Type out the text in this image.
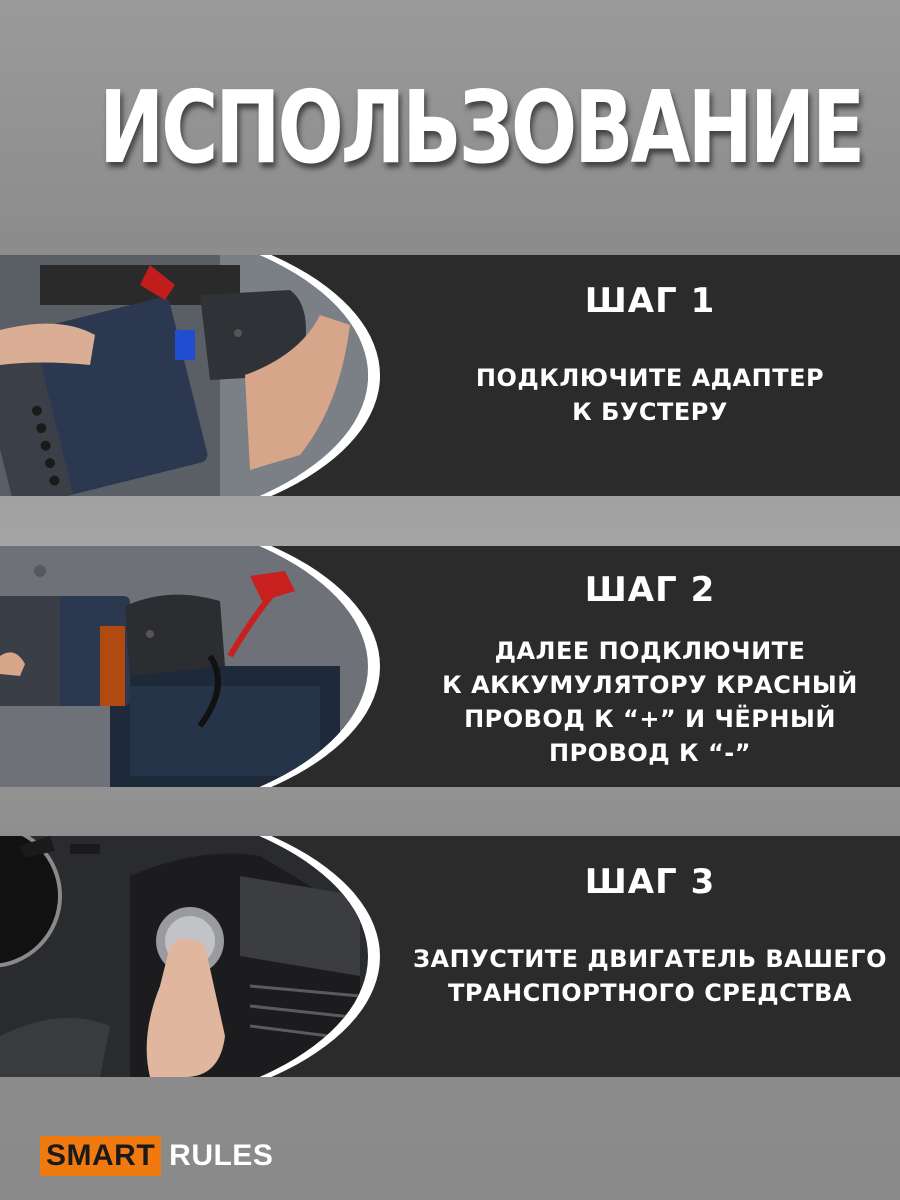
ИСПОЛЬЗОВАНИЕ
ШАГ 1
ПОДКЛЮЧИТЕ АДАПТЕР
К БУСТЕРУ
ШАГ 2
ДАЛЕЕ ПОДКЛЮЧИТЕ
К АККУМУЛЯТОРУ КРАСНЫЙ
ПРОВОД К “+” И ЧЁРНЫЙ
ПРОВОД К “-”
ШАГ 3
ЗАПУСТИТЕ ДВИГАТЕЛЬ ВАШЕГО
ТРАНСПОРТНОГО СРЕДСТВА
SMART RULES
